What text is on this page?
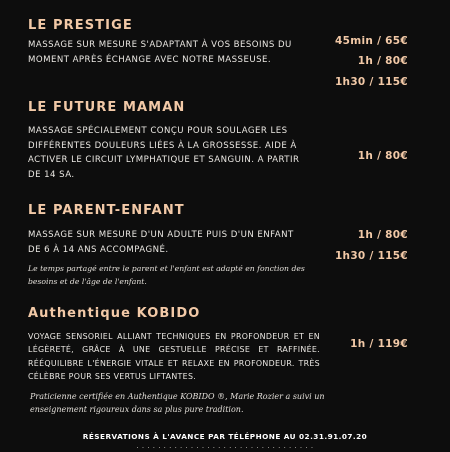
LE PRESTIGE
MASSAGE SUR MESURE S'ADAPTANT À VOS BESOINS DU MOMENT APRÈS ÉCHANGE AVEC NOTRE MASSEUSE.
45min / 65€
1h / 80€
1h30 / 115€
LE FUTURE MAMAN
MASSAGE SPÉCIALEMENT CONÇU POUR SOULAGER LES DIFFÉRENTES DOULEURS LIÉES À LA GROSSESSE. AIDE À ACTIVER LE CIRCUIT LYMPHATIQUE ET SANGUIN. A PARTIR DE 14 SA.
1h / 80€
LE PARENT-ENFANT
MASSAGE SUR MESURE D'UN ADULTE PUIS D'UN ENFANT DE 6 À 14 ANS ACCOMPAGNÉ.
Le temps partagé entre le parent et l'enfant est adapté en fonction des besoins et de l'âge de l'enfant.
1h / 80€
1h30 / 115€
Authentique KOBIDO
VOYAGE SENSORIEL ALLIANT TECHNIQUES EN PROFONDEUR ET EN LÉGÈRETÉ, GRÂCE À UNE GESTUELLE PRÉCISE ET RAFFINÉE. RÉÉQUILIBRE L'ÉNERGIE VITALE ET RELAXE EN PROFONDEUR. TRÈS CÉLÈBRE POUR SES VERTUS LIFTANTES.
Praticienne certifiée en Authentique KOBIDO ®, Marie Rozier a suivi un enseignement rigoureux dans sa plus pure tradition.
1h / 119€
RÉSERVATIONS À L'AVANCE PAR TÉLÉPHONE AU 02.31.91.07.20
· · · · · · · · · · · · · · · · · · · · · · · · · · · · · · · · ·
